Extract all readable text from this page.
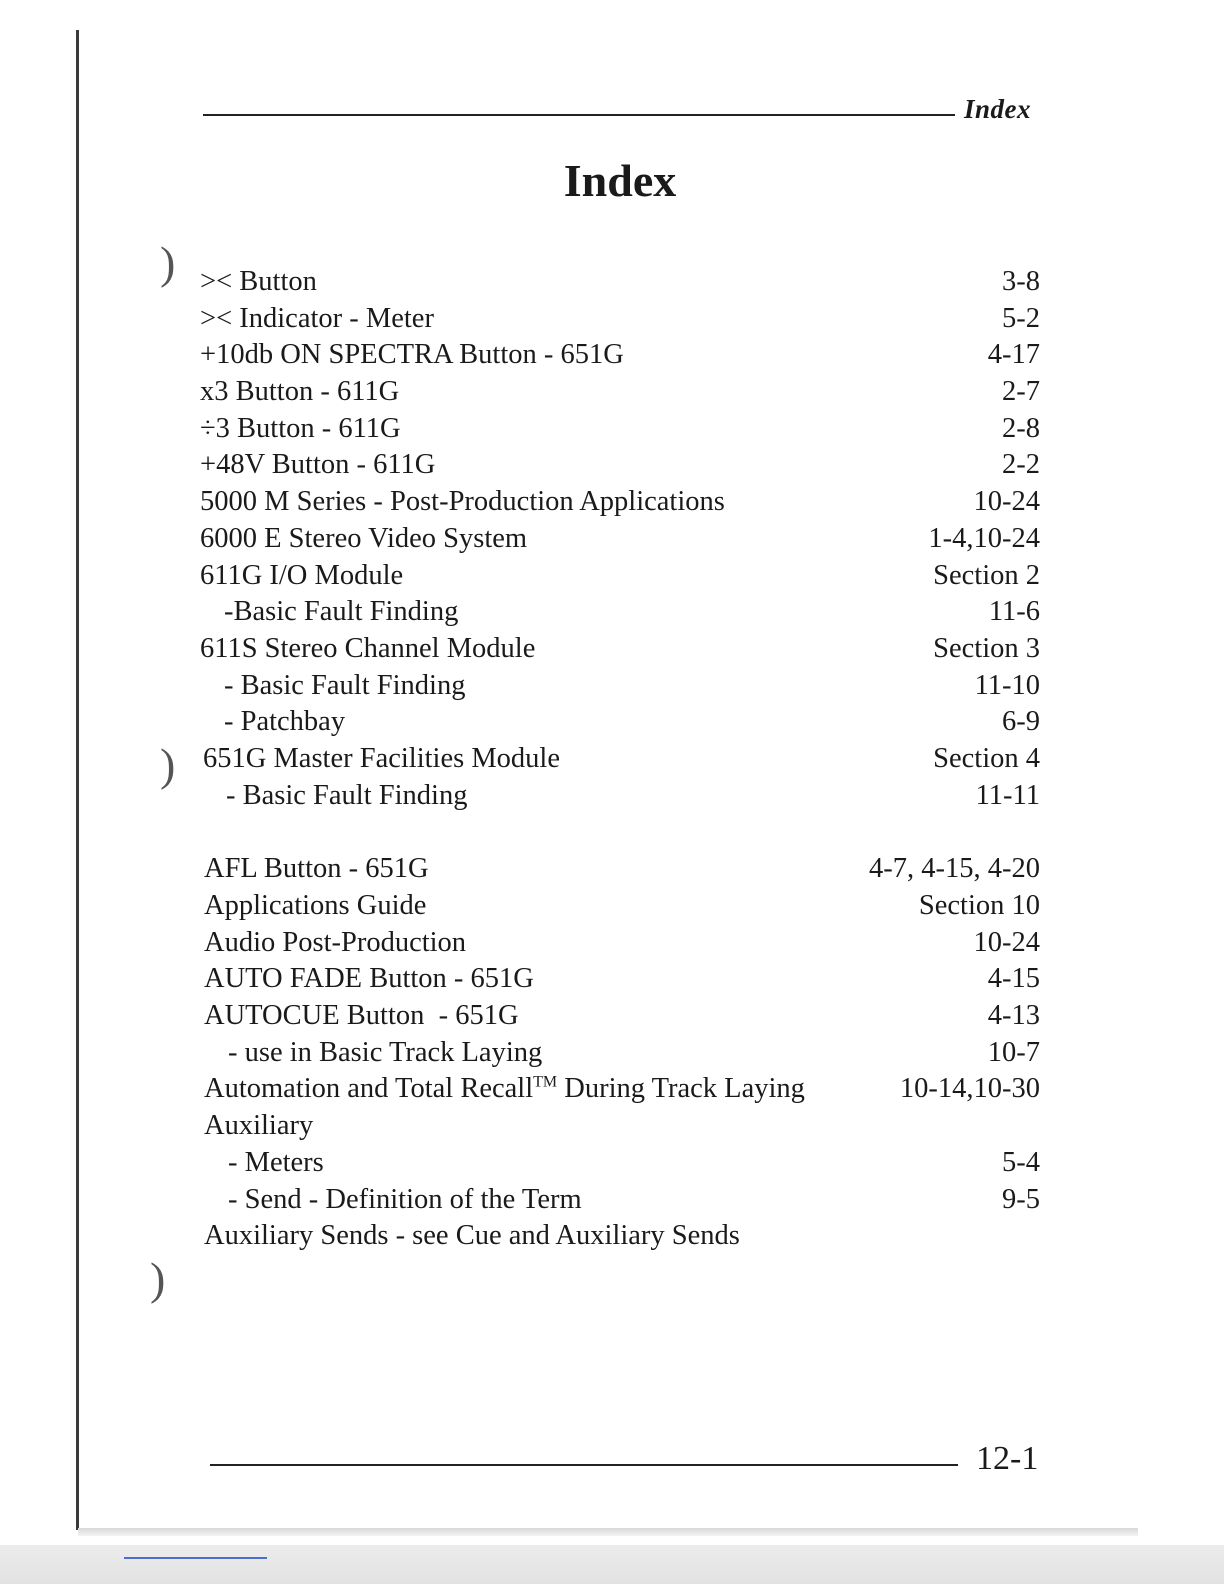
)
)
)
Index
Index
>< Button	3-8
>< Indicator - Meter	5-2
+10db ON SPECTRA Button - 651G	4-17
x3 Button - 611G	2-7
÷3 Button - 611G	2-8
+48V Button - 611G	2-2
5000 M Series - Post-Production Applications	10-24
6000 E Stereo Video System	1-4,10-24
611G I/O Module	Section 2
-Basic Fault Finding	11-6
611S Stereo Channel Module	Section 3
- Basic Fault Finding	11-10
- Patchbay	6-9
651G Master Facilities Module	Section 4
- Basic Fault Finding	11-11
AFL Button - 651G	4-7, 4-15, 4-20
Applications Guide	Section 10
Audio Post-Production	10-24
AUTO FADE Button - 651G	4-15
AUTOCUE Button  - 651G	4-13
- use in Basic Track Laying	10-7
Automation and Total Recall™ During Track Laying	10-14,10-30
Auxiliary
- Meters	5-4
- Send - Definition of the Term	9-5
Auxiliary Sends - see Cue and Auxiliary Sends
12-1
